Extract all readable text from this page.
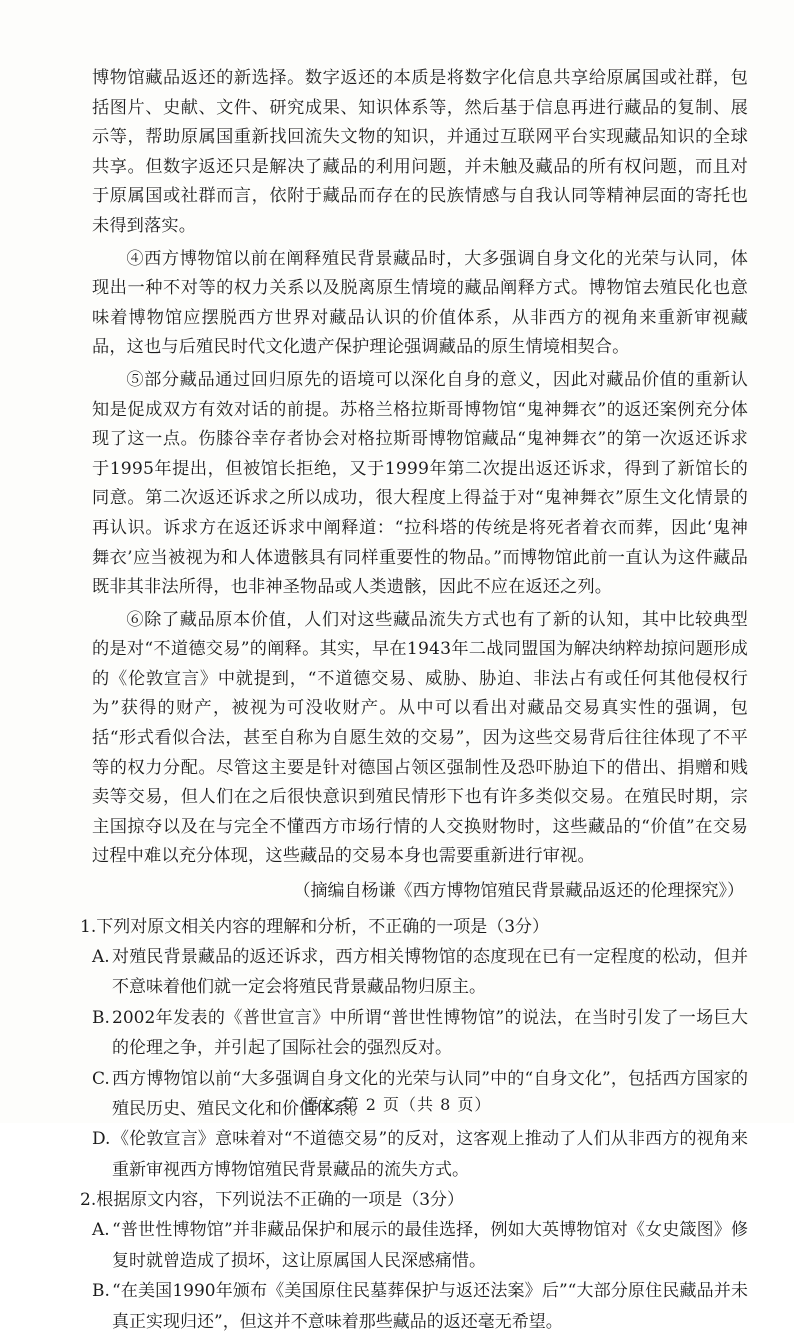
博物馆藏品返还的新选择。数字返还的本质是将数字化信息共享给原属国或社群，包括图片、史献、文件、研究成果、知识体系等，然后基于信息再进行藏品的复制、展示等，帮助原属国重新找回流失文物的知识，并通过互联网平台实现藏品知识的全球共享。但数字返还只是解决了藏品的利用问题，并未触及藏品的所有权问题，而且对于原属国或社群而言，依附于藏品而存在的民族情感与自我认同等精神层面的寄托也未得到落实。

④西方博物馆以前在阐释殖民背景藏品时，大多强调自身文化的光荣与认同，体现出一种不对等的权力关系以及脱离原生情境的藏品阐释方式。博物馆去殖民化也意味着博物馆应摆脱西方世界对藏品认识的价值体系，从非西方的视角来重新审视藏品，这也与后殖民时代文化遗产保护理论强调藏品的原生情境相契合。

⑤部分藏品通过回归原先的语境可以深化自身的意义，因此对藏品价值的重新认知是促成双方有效对话的前提。苏格兰格拉斯哥博物馆“鬼神舞衣”的返还案例充分体现了这一点。伤膝谷幸存者协会对格拉斯哥博物馆藏品“鬼神舞衣”的第一次返还诉求于1995年提出，但被馆长拒绝，又于1999年第二次提出返还诉求，得到了新馆长的同意。第二次返还诉求之所以成功，很大程度上得益于对“鬼神舞衣”原生文化情景的再认识。诉求方在返还诉求中阐释道：“拉科塔的传统是将死者着衣而葬，因此‘鬼神舞衣’应当被视为和人体遗骸具有同样重要性的物品。”而博物馆此前一直认为这件藏品既非其非法所得，也非神圣物品或人类遗骸，因此不应在返还之列。

⑥除了藏品原本价值，人们对这些藏品流失方式也有了新的认知，其中比较典型的是对“不道德交易”的阐释。其实，早在1943年二战同盟国为解决纳粹劫掠问题形成的《伦敦宣言》中就提到，“不道德交易、威胁、胁迫、非法占有或任何其他侵权行为”获得的财产，被视为可没收财产。从中可以看出对藏品交易真实性的强调，包括“形式看似合法，甚至自称为自愿生效的交易”，因为这些交易背后往往体现了不平等的权力分配。尽管这主要是针对德国占领区强制性及恐吓胁迫下的借出、捐赠和贱卖等交易，但人们在之后很快意识到殖民情形下也有许多类似交易。在殖民时期，宗主国掠夺以及在与完全不懂西方市场行情的人交换财物时，这些藏品的“价值”在交易过程中难以充分体现，这些藏品的交易本身也需要重新进行审视。

（摘编自杨谦《西方博物馆殖民背景藏品返还的伦理探究》）
1.下列对原文相关内容的理解和分析，不正确的一项是（3分）
A. 对殖民背景藏品的返还诉求，西方相关博物馆的态度现在已有一定程度的松动，但并不意味着他们就一定会将殖民背景藏品物归原主。
B. 2002年发表的《普世宣言》中所谓“普世性博物馆”的说法，在当时引发了一场巨大的伦理之争，并引起了国际社会的强烈反对。
C. 西方博物馆以前“大多强调自身文化的光荣与认同”中的“自身文化”，包括西方国家的殖民历史、殖民文化和价值体系。
D. 《伦敦宣言》意味着对“不道德交易”的反对，这客观上推动了人们从非西方的视角来重新审视西方博物馆殖民背景藏品的流失方式。
2.根据原文内容，下列说法不正确的一项是（3分）
A. “普世性博物馆”并非藏品保护和展示的最佳选择，例如大英博物馆对《女史箴图》修复时就曾造成了损坏，这让原属国人民深感痛惜。
B. “在美国1990年颁布《美国原住民墓葬保护与返还法案》后”“大部分原住民藏品并未真正实现归还”，但这并不意味着那些藏品的返还毫无希望。
语文 第 2 页（共 8 页）
